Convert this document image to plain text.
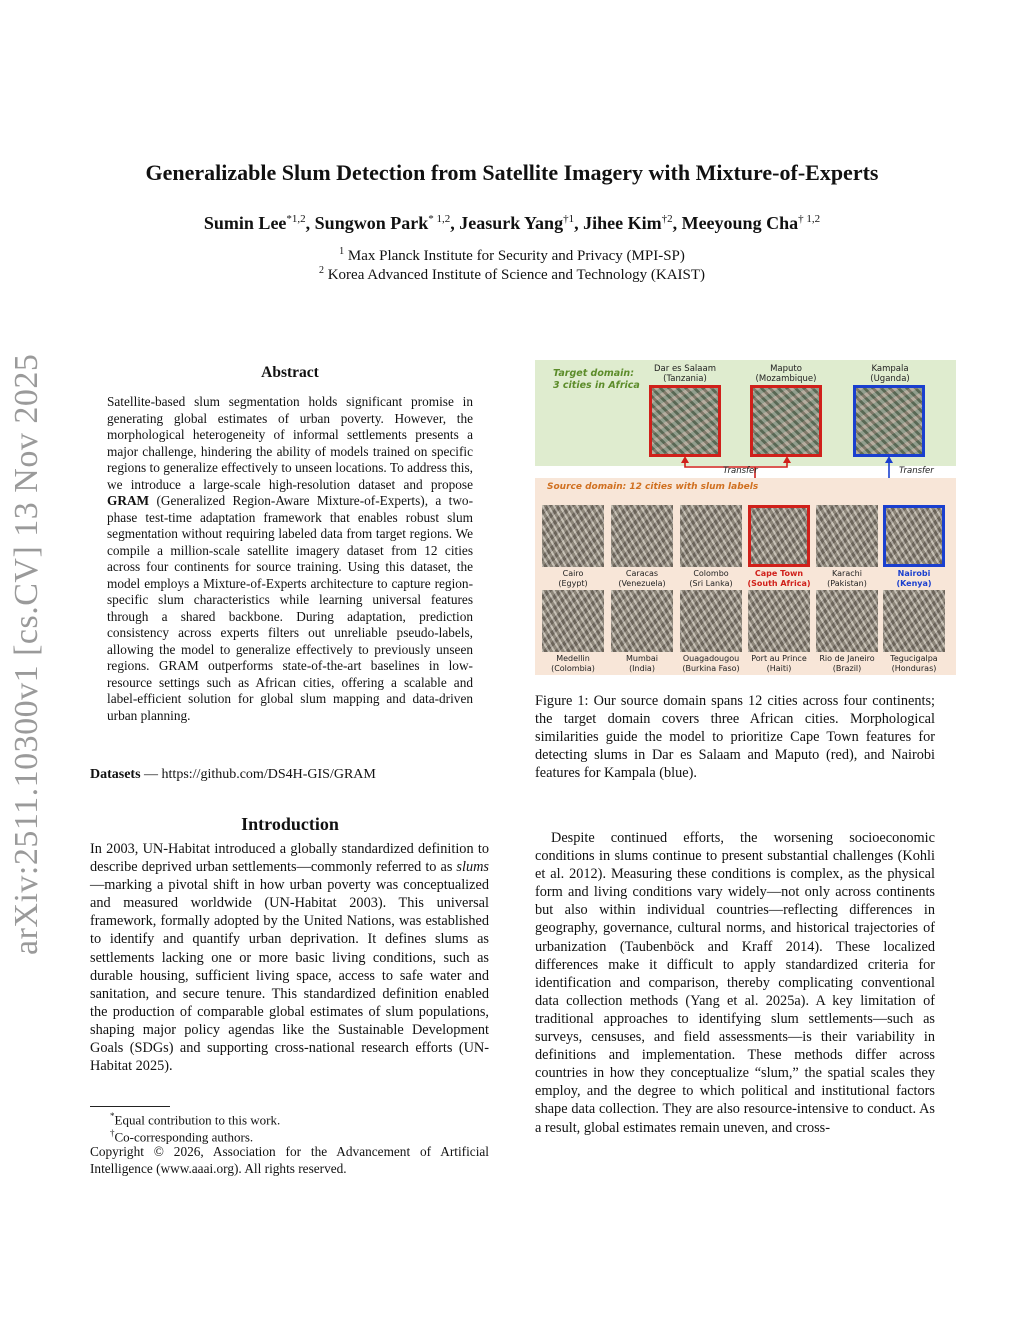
arXiv:2511.10300v1 [cs.CV] 13 Nov 2025
Generalizable Slum Detection from Satellite Imagery with Mixture-of-Experts
Sumin Lee$^{*1,2}$, Sungwon Park$^{* 1,2}$, Jeasurk Yang$^{\dagger 1}$, Jihee Kim$^{\dagger 2}$, Meeyoung Cha$^{\dagger 1,2}$
$^1$ Max Planck Institute for Security and Privacy (MPI-SP)
$^2$ Korea Advanced Institute of Science and Technology (KAIST)
Abstract
Satellite-based slum segmentation holds significant promise in generating global estimates of urban poverty. However, the morphological heterogeneity of informal settlements presents a major challenge, hindering the ability of models trained on specific regions to generalize effectively to unseen locations. To address this, we introduce a large-scale high-resolution dataset and propose GRAM (Generalized Region-Aware Mixture-of-Experts), a two-phase test-time adaptation framework that enables robust slum segmentation without requiring labeled data from target regions. We compile a million-scale satellite imagery dataset from 12 cities across four continents for source training. Using this dataset, the model employs a Mixture-of-Experts architecture to capture region-specific slum characteristics while learning universal features through a shared backbone. During adaptation, prediction consistency across experts filters out unreliable pseudo-labels, allowing the model to generalize effectively to previously unseen regions. GRAM outperforms state-of-the-art baselines in low-resource settings such as African cities, offering a scalable and label-efficient solution for global slum mapping and data-driven urban planning.
Datasets — https://github.com/DS4H-GIS/GRAM
Introduction
In 2003, UN-Habitat introduced a globally standardized definition to describe deprived urban settlements—commonly referred to as slums—marking a pivotal shift in how urban poverty was conceptualized and measured worldwide (UN-Habitat 2003). This universal framework, formally adopted by the United Nations, was established to identify and quantify urban deprivation. It defines slums as settlements lacking one or more basic living conditions, such as durable housing, sufficient living space, access to safe water and sanitation, and secure tenure. This standardized definition enabled the production of comparable global estimates of slum populations, shaping major policy agendas like the Sustainable Development Goals (SDGs) and supporting cross-national research efforts (UN-Habitat 2025).
*Equal contribution to this work.
†Co-corresponding authors.
Copyright © 2026, Association for the Advancement of Artificial Intelligence (www.aaai.org). All rights reserved.
Target domain: 3 cities in Africa
Dar es Salaam
(Tanzania)
Maputo
(Mozambique)
Kampala
(Uganda)
Transfer	Transfer
Source domain: 12 cities with slum labels
Cairo
(Egypt)
Caracas
(Venezuela)
Colombo
(Sri Lanka)
Cape Town
(South Africa)
Karachi
(Pakistan)
Nairobi
(Kenya)
Medellin
(Colombia)
Mumbai
(India)
Ouagadougou
(Burkina Faso)
Port au Prince
(Haiti)
Rio de Janeiro
(Brazil)
Tegucigalpa
(Honduras)
Figure 1: Our source domain spans 12 cities across four continents; the target domain covers three African cities. Morphological similarities guide the model to prioritize Cape Town features for detecting slums in Dar es Salaam and Maputo (red), and Nairobi features for Kampala (blue).
Despite continued efforts, the worsening socioeconomic conditions in slums continue to present substantial challenges (Kohli et al. 2012). Measuring these conditions is complex, as the physical form and living conditions vary widely—not only across continents but also within individual countries—reflecting differences in geography, governance, cultural norms, and historical trajectories of urbanization (Taubenböck and Kraff 2014). These localized differences make it difficult to apply standardized criteria for identification and comparison, thereby complicating conventional data collection methods (Yang et al. 2025a). A key limitation of traditional approaches to identifying slum settlements—such as surveys, censuses, and field assessments—is their variability in definitions and implementation. These methods differ across countries in how they conceptualize “slum,” the spatial scales they employ, and the degree to which political and institutional factors shape data collection. They are also resource-intensive to conduct. As a result, global estimates remain uneven, and cross-
